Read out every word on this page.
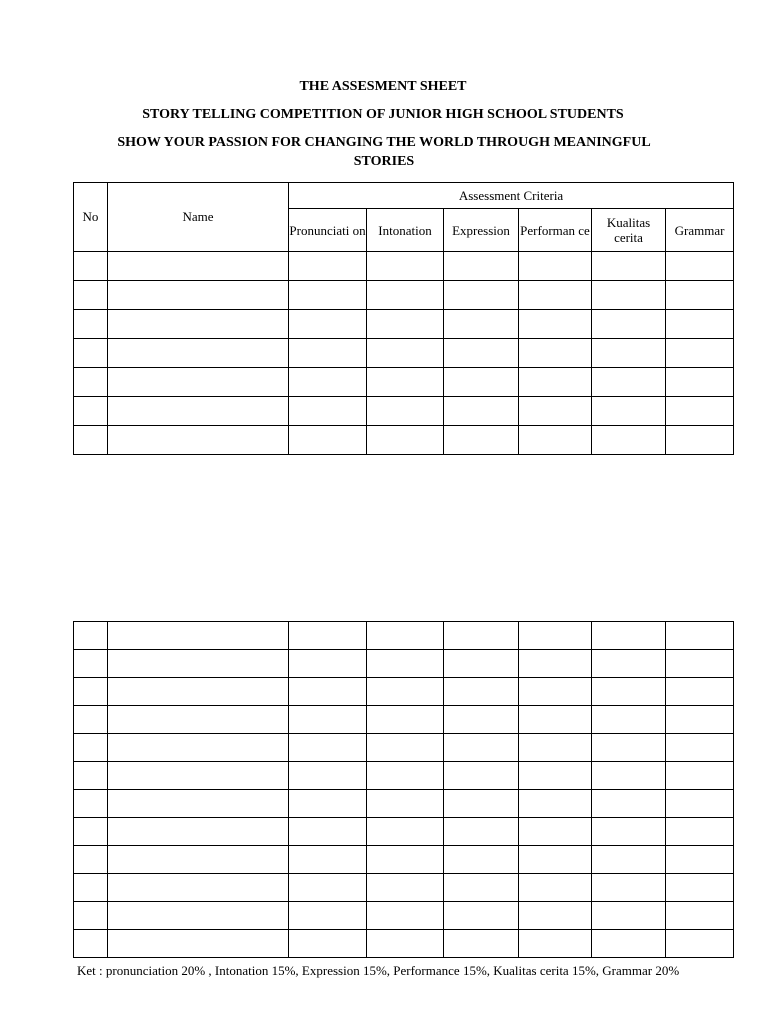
THE ASSESMENT SHEET

STORY TELLING COMPETITION OF JUNIOR HIGH SCHOOL STUDENTS

SHOW YOUR PASSION FOR CHANGING THE WORLD THROUGH MEANINGFUL STORIES

No	Name	Assessment Criteria					
		Pronunciati on	Intonation	Expression	Performan ce	Kualitas cerita	Grammar

Ket : pronunciation 20% , Intonation 15%, Expression 15%, Performance 15%, Kualitas cerita 15%, Grammar 20%
